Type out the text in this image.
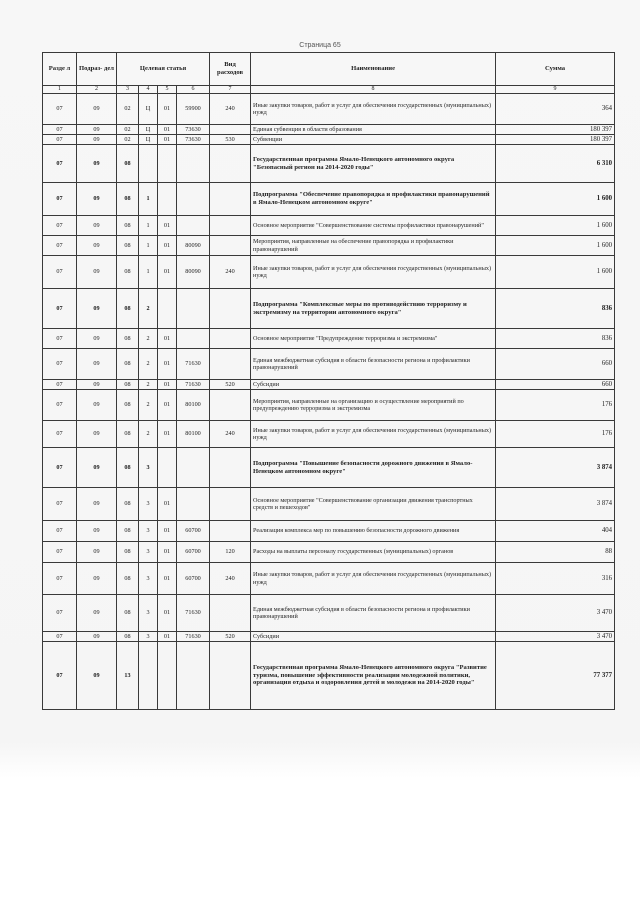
Страница 65
Разде л	Подраз- дел	Целевая статья				Вид расходов	Наименование	Сумма
1	2	3	4	5	6	7	8	9
07	09	02	Ц	01	59900	240	Иные закупки товаров, работ и услуг для обеспечения государственных (муниципальных) нужд	364
07	09	02	Ц	01	73630		Единая субвенция в области образования	180 397
07	09	02	Ц	01	73630	530	Субвенции	180 397
07	09	08					Государственная программа Ямало-Ненецкого автономного округа "Безопасный регион на 2014-2020 годы"	6 310
07	09	08	1				Подпрограмма "Обеспечение правопорядка и профилактики правонарушений в Ямало-Ненецком автономном округе"	1 600
07	09	08	1	01			Основное мероприятие "Совершенствование системы профилактики правонарушений"	1 600
07	09	08	1	01	80090		Мероприятия, направленные на обеспечение правопорядка и профилактики правонарушений	1 600
07	09	08	1	01	80090	240	Иные закупки товаров, работ и услуг для обеспечения государственных (муниципальных) нужд	1 600
07	09	08	2				Подпрограмма "Комплексные меры по противодействию терроризму и экстремизму на территории автономного округа"	836
07	09	08	2	01			Основное мероприятие "Предупреждение терроризма и экстремизма"	836
07	09	08	2	01	71630		Единая межбюджетная субсидия в области безопасности региона и профилактики правонарушений	660
07	09	08	2	01	71630	520	Субсидии	660
07	09	08	2	01	80100		Мероприятия, направленные на организацию и осуществление мероприятий по предупреждению терроризма и экстремизма	176
07	09	08	2	01	80100	240	Иные закупки товаров, работ и услуг для обеспечения государственных (муниципальных) нужд	176
07	09	08	3				Подпрограмма "Повышение безопасности дорожного движения в Ямало-Ненецком автономном округе"	3 874
07	09	08	3	01			Основное мероприятие "Совершенствование организации движения транспортных средств и пешеходов"	3 874
07	09	08	3	01	60700		Реализация комплекса мер по повышению безопасности дорожного движения	404
07	09	08	3	01	60700	120	Расходы на выплаты персоналу государственных (муниципальных) органов	88
07	09	08	3	01	60700	240	Иные закупки товаров, работ и услуг для обеспечения государственных (муниципальных) нужд	316
07	09	08	3	01	71630		Единая межбюджетная субсидия в области безопасности региона и профилактики правонарушений	3 470
07	09	08	3	01	71630	520	Субсидии	3 470
07	09	13					Государственная программа Ямало-Ненецкого автономного округа "Развитие туризма, повышение эффективности реализации молодежной политики, организация отдыха и оздоровления детей и молодежи на 2014-2020 годы"	77 377
